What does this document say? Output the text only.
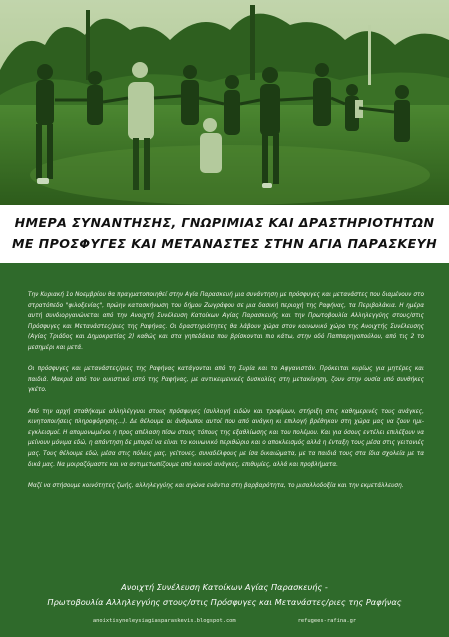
ΗΜΕΡΑ ΣΥΝΑΝΤΗΣΗΣ, ΓΝΩΡΙΜΙΑΣ ΚΑΙ ΔΡΑΣΤΗΡΙΟΤΗΤΩΝ
ΜΕ ΠΡΟΣΦΥΓΕΣ ΚΑΙ ΜΕΤΑΝΑΣΤΕΣ ΣΤΗΝ ΑΓΙΑ ΠΑΡΑΣΚΕΥΗ

Την Κυριακή 1ο Νοεμβρίου θα πραγματοποιηθεί στην Αγία Παρασκευή μια συνάντηση με πρόσφυγες και μετανάστες που διαμένουν στο στρατόπεδο "φιλοξενίας", πρώην κατασκήνωση του δήμου Ζωγράφου σε μια δασική περιοχή της Ραφήνας, τα Περιβολάκια. Η ημέρα αυτή συνδιοργανώνεται από την Ανοιχτή Συνέλευση Κατοίκων Αγίας Παρασκευής και την Πρωτοβουλία Αλληλεγγύης στους/στις Πρόσφυγες και Μετανάστες/ριες της Ραφήνας. Οι δραστηριότητες θα λάβουν χώρα στον κοινωνικό χώρο της Ανοιχτής Συνέλευσης (Αγίας Τριάδος και Δημοκρατίας 2) καθώς και στα γηπεδάκια που βρίσκονται πιο κάτω, στην οδό Παππαρηγοπούλου, από τις 2 το μεσημέρι και μετά.

Οι πρόσφυγες και μετανάστες/ριες της Ραφήνας κατάγονται από τη Συρία και το Αφγανιστάν. Πρόκειται κυρίως για μητέρες και παιδιά. Μακριά από τον οικιστικό ιστό της Ραφήνας, με αντικειμενικές δυσκολίες στη μετακίνηση, ζουν στην ουσία υπό συνθήκες γκέτο.

Από την αρχή σταθήκαμε αλληλέγγυοι στους πρόσφυγες (συλλογή ειδών και τροφίμων, στήριξη στις καθημερινές τους ανάγκες, κινητοποιήσεις πληροφόρησης...). Δε θέλουμε οι άνθρωποι αυτοί που από ανάγκη κι επιλογή βρέθηκαν στη χώρα μας να ζουν ημι-εγκλεισμοί. Η απομονωμένοι η προς απέλαση πίσω στους τόπους της εξαθλίωσης και του πολέμου. Και για όσους εντέλει επιλέξουν να μείνουν μόνιμα εδώ, η απάντηση δε μπορεί να είναι το κοινωνικό περιθώριο και ο αποκλεισμός αλλά η ένταξη τους μέσα στις γειτονιές μας. Τους θέλουμε εδώ, μέσα στις πόλεις μας, γείτονες, συναδέλφους με ίσα δικαιώματα, με τα παιδιά τους στα ίδια σχολεία με τα δικά μας. Να μοιραζόμαστε και να αντιμετωπίζουμε από κοινού ανάγκες, επιθυμίες, αλλά και προβλήματα.

Μαζί να στήσουμε κοινότητες ζωής, αλληλεγγύης και αγώνα ενάντια στη βαρβαρότητα, το μισαλλοδοξία και την εκμετάλλευση.

Ανοιχτή Συνέλευση Κατοίκων Αγίας Παρασκευής -
Πρωτοβουλία Αλληλεγγύης στους/στις Πρόσφυγες και Μετανάστες/ριες της Ραφήνας
anoixtisyneleysiagiasparaskevis.blogspot.com	refugees-rafina.gr
